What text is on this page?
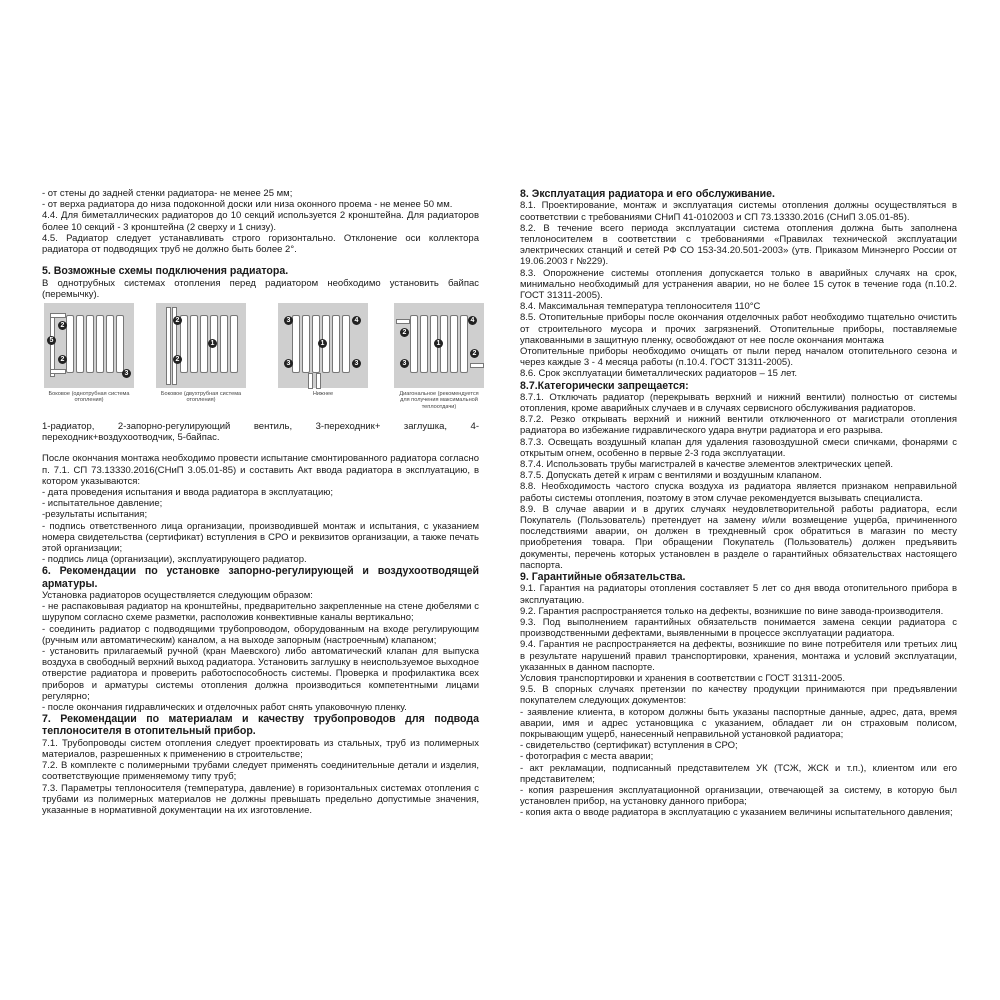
- от стены до задней стенки радиатора- не менее 25 мм;

- от верха радиатора до низа подоконной доски или низа оконного проема - не менее 50 мм.

4.4. Для биметаллических радиаторов до 10 секций используется 2 кронштейна. Для радиаторов более 10 секций - 3 кронштейна (2 сверху и 1 снизу).

4.5. Радиатор следует устанавливать строго горизонтально. Отклонение оси коллектора радиатора от подводящих труб не должно быть более 2°.

5. Возможные схемы подключения радиатора.

В однотрубных системах отопления перед радиатором необходимо установить байпас (перемычку).

2
5
2
3
Боковое (однотрубная система отопления)
2
1
2
Боковое (двухтрубная система отопления)
3	4
1
3	3
Нижнее
2
4
1
3
2
Диагональное (рекомендуется для получения максимальной теплоотдачи)

1-радиатор, 2-запорно-регулирующий вентиль, 3-переходник+ заглушка, 4-переходник+воздухоотводчик, 5-байпас.

После окончания монтажа необходимо провести испытание смонтированного радиатора согласно п. 7.1. СП 73.13330.2016(СНиП 3.05.01-85) и составить Акт ввода радиатора в эксплуатацию, в котором указываются:

- дата проведения испытания и ввода радиатора в эксплуатацию;

- испытательное давление;

-результаты испытания;

- подпись ответственного лица организации, производившей монтаж и испытания, с указанием номера свидетельства (сертификат) вступления в СРО и реквизитов организации, а также печать этой организации;

- подпись лица (организации), эксплуатирующего радиатор.

6. Рекомендации по установке запорно-регулирующей и воздухоотводящей арматуры.

Установка радиаторов осуществляется следующим образом:

- не распаковывая радиатор на кронштейны, предварительно закрепленные на стене дюбелями с шурупом согласно схеме разметки, расположив конвективные каналы вертикально;

- соединить радиатор с подводящими трубопроводом, оборудованным на входе регулирующим (ручным или автоматическим) каналом, а на выходе запорным (настроечным) клапаном;

- установить прилагаемый ручной (кран Маевского) либо автоматический клапан для выпуска воздуха в свободный верхний выход радиатора. Установить заглушку в неиспользуемое выходное отверстие радиатора и проверить работоспособность системы. Проверка и профилактика всех приборов и арматуры системы отопления должна производиться компетентными лицами регулярно;

- после окончания гидравлических и отделочных работ снять упаковочную пленку.

7. Рекомендации по материалам и качеству трубопроводов для подвода теплоносителя в отопительный прибор.

7.1. Трубопроводы систем отопления следует проектировать из стальных, труб из полимерных материалов, разрешенных к применению в строительстве;

7.2. В комплекте с полимерными трубами следует применять соединительные детали и изделия, соответствующие применяемому типу труб;

7.3. Параметры теплоносителя (температура, давление) в горизонтальных системах отопления с трубами из полимерных материалов не должны превышать предельно допустимые значения, указанные в нормативной документации на их изготовление.

8. Эксплуатация радиатора и его обслуживание.

8.1. Проектирование, монтаж и эксплуатация системы отопления должны осуществляться в соответствии с требованиями СНиП 41-0102003 и СП 73.13330.2016 (СНиП 3.05.01-85).

8.2. В течение всего периода эксплуатации система отопления должна быть заполнена теплоносителем в соответствии с требованиями «Правилах технической эксплуатации электрических станций и сетей РФ СО 153-34.20.501-2003» (утв. Приказом Минэнерго России от 19.06.2003 г №229).

8.3. Опорожнение системы отопления допускается только в аварийных случаях на срок, минимально необходимый для устранения аварии, но не более 15 суток в течение года (п.10.2. ГОСТ 31311-2005).

8.4. Максимальная температура теплоносителя 110°С

8.5. Отопительные приборы после окончания отделочных работ необходимо тщательно очистить от строительного мусора и прочих загрязнений. Отопительные приборы, поставляемые упакованными в защитную пленку, освобождают от нее после окончания монтажа

Отопительные приборы необходимо очищать от пыли перед началом отопительного сезона и через каждые 3 - 4 месяца работы (п.10.4. ГОСТ 31311-2005).

8.6. Срок эксплуатации биметаллических радиаторов – 15 лет.

8.7.Категорически запрещается:

8.7.1. Отключать радиатор (перекрывать верхний и нижний вентили) полностью от системы отопления, кроме аварийных случаев и в случаях сервисного обслуживания радиаторов.

8.7.2. Резко открывать верхний и нижний вентили отключенного от магистрали отопления радиатора во избежание гидравлического удара внутри радиатора и его разрыва.

8.7.3. Освещать воздушный клапан для удаления газовоздушной смеси спичками, фонарями с открытым огнем, особенно в первые 2-3 года эксплуатации.

8.7.4. Использовать трубы магистралей в качестве элементов электрических цепей.

8.7.5. Допускать детей к играм с вентилями и воздушным клапаном.

8.8. Необходимость частого спуска воздуха из радиатора является признаком неправильной работы системы отопления, поэтому в этом случае рекомендуется вызывать специалиста.

8.9. В случае аварии и в других случаях неудовлетворительной работы радиатора, если Покупатель (Пользователь) претендует на замену и/или возмещение ущерба, причиненного последствиями аварии, он должен в трехдневный срок обратиться в магазин по месту приобретения товара. При обращении Покупатель (Пользователь) должен предъявить документы, перечень которых установлен в разделе о гарантийных обязательствах настоящего паспорта.

9. Гарантийные обязательства.

9.1. Гарантия на радиаторы отопления составляет 5 лет со дня ввода отопительного прибора в эксплуатацию.

9.2. Гарантия распространяется только на дефекты, возникшие по вине завода-производителя.

9.3. Под выполнением гарантийных обязательств понимается замена секции радиатора с производственными дефектами, выявленными в процессе эксплуатации радиатора.

9.4. Гарантия не распространяется на дефекты, возникшие по вине потребителя или третьих лиц в результате нарушений правил транспортировки, хранения, монтажа и условий эксплуатации, указанных в данном паспорте.

Условия транспортировки и хранения в соответствии с ГОСТ 31311-2005.

9.5. В спорных случаях претензии по качеству продукции принимаются при предъявлении покупателем следующих документов:

- заявление клиента, в котором должны быть указаны паспортные данные, адрес, дата, время аварии, имя и адрес установщика с указанием, обладает ли он страховым полисом, покрывающим ущерб, нанесенный неправильной установкой радиатора;

- свидетельство (сертификат) вступления в СРО;

- фотография с места аварии;

- акт рекламации, подписанный представителем УК (ТСЖ, ЖСК и т.п.), клиентом или его представителем;

- копия разрешения эксплуатационной организации, отвечающей за систему, в которую был установлен прибор, на установку данного прибора;

- копия акта о вводе радиатора в эксплуатацию с указанием величины испытательного давления;
